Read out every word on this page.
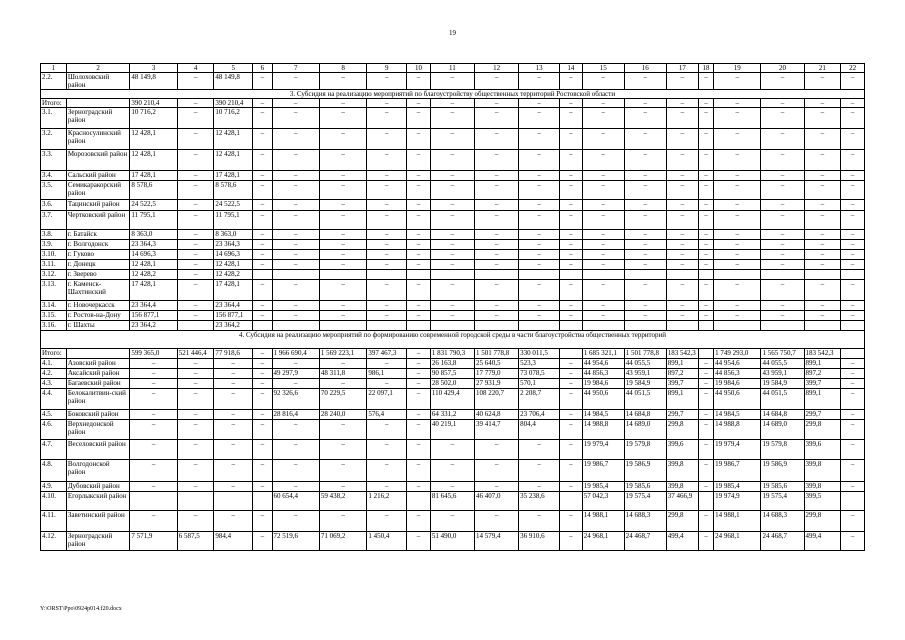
19
1	2	3	4	5	6	7	8	9	10	11	12	13	14	15	16	17	18	19	20	21	22
2.2.	Шолоховский район	48 149,8	–	48 149,8	–	–	–	–	–	–	–	–	–	–	–	–	–	–	–	–	–
3. Субсидия на реализацию мероприятий по благоустройству общественных территорий Ростовской области																					
Итого:		390 210,4	–	390 210,4	–	–	–	–	–	–	–	–	–	–	–	–	–	–	–	–	–
3.1.	Зерноградский район	10 716,2	–	10 716,2	–	–	–	–	–	–	–	–	–	–	–	–	–	–	–	–	–
3.2.	Красносулинский район	12 428,1	–	12 428,1	–	–	–	–	–	–	–	–	–	–	–	–	–	–	–	–	–
3.3.	Морозовский район	12 428,1	–	12 428,1	–	–	–	–	–	–	–	–	–	–	–	–	–	–	–	–	–
3.4.	Сальский район	17 428,1	–	17 428,1	–	–	–	–	–	–	–	–	–	–	–	–	–	–	–	–	–
3.5.	Семикаракорский район	8 578,6	–	8 578,6	–	–	–	–	–	–	–	–	–	–	–	–	–	–	–	–	–
3.6.	Тацинский район	24 522,5	–	24 522,5	–	–	–	–	–	–	–	–	–	–	–	–	–	–	–	–	–
3.7.	Чертковский район	11 795,1	–	11 795,1	–	–	–	–	–	–	–	–	–	–	–	–	–	–	–	–	–
3.8.	г. Батайск	8 363,0	–	8 363,0	–	–	–	–	–	–	–	–	–	–	–	–	–	–	–	–	–
3.9.	г. Волгодонск	23 364,3	–	23 364,3	–	–	–	–	–	–	–	–	–	–	–	–	–	–	–	–	–
3.10.	г. Гуково	14 696,3	–	14 696,3	–	–	–	–	–	–	–	–	–	–	–	–	–	–	–	–	–
3.11.	г. Донецк	12 428,1	–	12 428,1	–	–	–	–	–	–	–	–	–	–	–	–	–	–	–	–	–
3.12.	г. Зверево	12 428,2	–	12 428,2																	
3.13.	г. Каменск-Шахтинский	17 428,1	–	17 428,1	–	–	–	–	–	–	–	–	–	–	–	–	–	–	–	–	–
3.14.	г. Новочеркасск	23 364,4	–	23 364,4	–	–	–	–	–	–	–	–	–	–	–	–	–	–	–	–	–
3.15.	г. Ростов-на-Дону	156 877,1	–	156 877,1	–	–	–	–	–	–	–	–	–	–	–	–	–	–	–	–	–
3.16.	г. Шахты	23 364,2		23 364,2																	
4. Субсидия на реализацию мероприятий по формированию современной городской среды в части благоустройства общественных территорий																					
Итого:		599 365,0	521 446,4	77 918,6	–	1 966 690,4	1 569 223,1	397 467,3	–	1 831 790,3	1 501 778,8	330 011,5		1 685 321,1	1 501 778,8	183 542,3		1 749 293,0	1 565 750,7	183 542,3	
4.1.	Азовский район	–	–	–	–	–	–	–	–	26 163,8	25 640,5	523,3	–	44 954,6	44 055,5	899,1	–	44 954,6	44 055,5	899,1	–
4.2.	Аксайский район	–	–	–	–	49 297,9	48 311,8	986,1	–	90 857,5	17 779,0	73 078,5	–	44 856,3	43 959,1	897,2	–	44 856,3	43 959,1	897,2	–
4.3.	Багаевский район	–	–	–	–	–	–	–	–	28 502,0	27 931,9	570,1	–	19 984,6	19 584,9	399,7	–	19 984,6	19 584,9	399,7	–
4.4.	Белокалитвин-ский район	–	–	–	–	92 326,6	70 229,5	22 097,1	–	110 429,4	108 220,7	2 208,7	–	44 950,6	44 051,5	899,1	–	44 950,6	44 051,5	899,1	–
4.5.	Боковский район	–	–	–	–	28 816,4	28 240,0	576,4	–	64 331,2	40 624,8	23 706,4	–	14 984,5	14 684,8	299,7	–	14 984,5	14 684,8	299,7	–
4.6.	Верхнедонской район	–	–	–	–	–	–	–	–	40 219,1	39 414,7	804,4	–	14 988,8	14 689,0	299,8	–	14 988,8	14 689,0	299,8	–
4.7.	Веселовский район	–	–	–	–	–	–	–	–	–	–	–	–	19 979,4	19 579,8	399,6	–	19 979,4	19 579,8	399,6	–
4.8.	Волгодонской район	–	–	–	–	–	–	–	–	–	–	–	–	19 986,7	19 586,9	399,8	–	19 986,7	19 586,9	399,8	–
4.9.	Дубовский район	–	–	–	–	–	–	–	–	–	–	–	–	19 985,4	19 585,6	399,8	–	19 985,4	19 585,6	399,8	–
4.10.	Егорлыкский район					60 654,4	59 438,2	1 216,2		81 645,6	46 407,0	35 238,6		57 042,3	19 575,4	37 466,9		19 974,9	19 575,4	399,5	
4.11.	Заветинский район	–	–	–	–	–	–	–	–	–	–	–	–	14 988,1	14 688,3	299,8	–	14 988,1	14 688,3	299,8	–
4.12.	Зерноградский район	7 571,9	6 587,5	984,4	–	72 519,6	71 069,2	1 450,4	–	51 490,0	14 579,4	36 910,6	–	24 968,1	24 468,7	499,4	–	24 968,1	24 468,7	499,4	–
Y:\ORST\Ppo\0924p014.f20.docx
